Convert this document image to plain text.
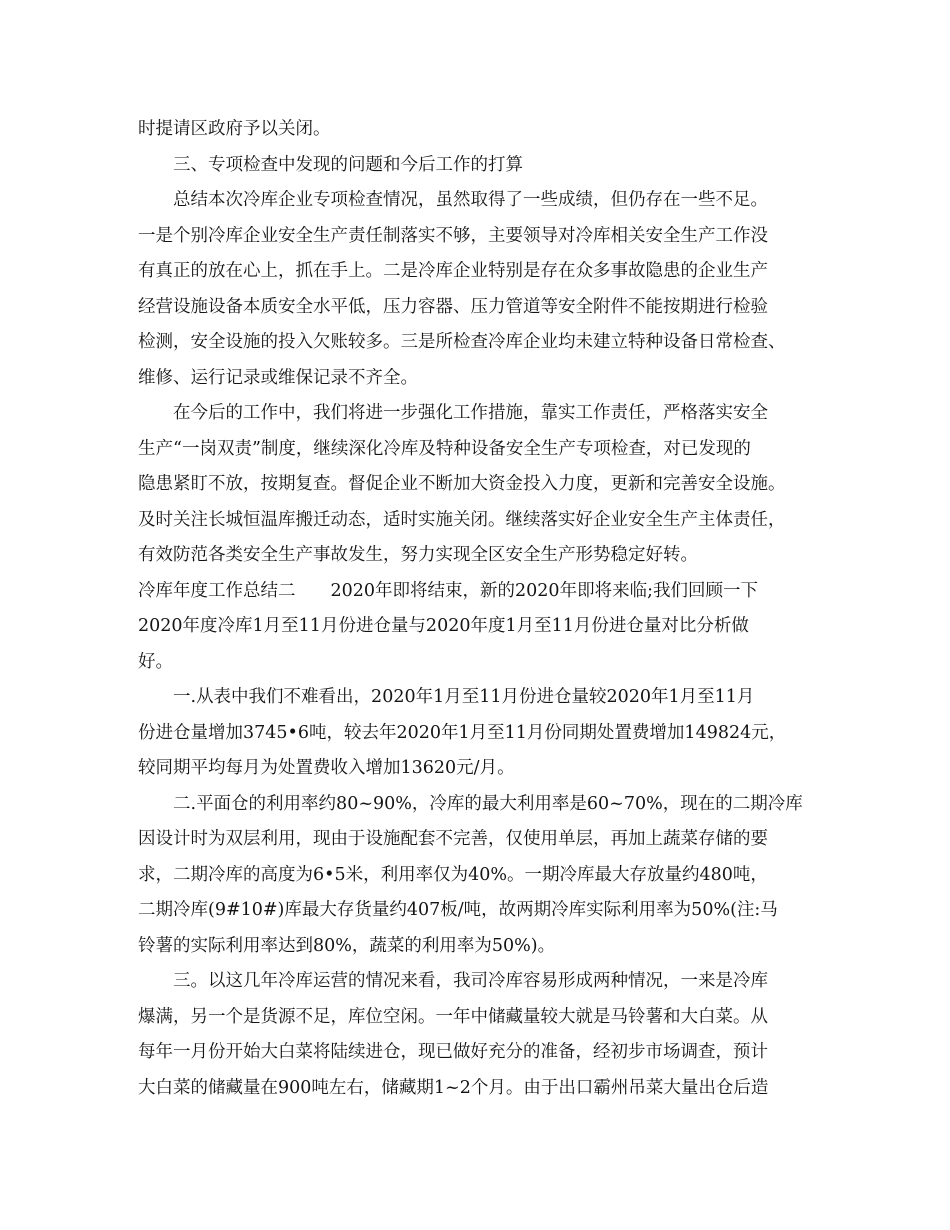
时提请区政府予以关闭。
　　三、专项检查中发现的问题和今后工作的打算
　　总结本次冷库企业专项检查情况，虽然取得了一些成绩，但仍存在一些不足。
一是个别冷库企业安全生产责任制落实不够，主要领导对冷库相关安全生产工作没
有真正的放在心上，抓在手上。二是冷库企业特别是存在众多事故隐患的企业生产
经营设施设备本质安全水平低，压力容器、压力管道等安全附件不能按期进行检验
检测，安全设施的投入欠账较多。三是所检查冷库企业均未建立特种设备日常检查、
维修、运行记录或维保记录不齐全。
　　在今后的工作中，我们将进一步强化工作措施，靠实工作责任，严格落实安全
生产“一岗双责”制度，继续深化冷库及特种设备安全生产专项检查，对已发现的
隐患紧盯不放，按期复查。督促企业不断加大资金投入力度，更新和完善安全设施。
及时关注长城恒温库搬迁动态，适时实施关闭。继续落实好企业安全生产主体责任，
有效防范各类安全生产事故发生，努力实现全区安全生产形势稳定好转。
冷库年度工作总结二　　2020年即将结束，新的2020年即将来临;我们回顾一下
2020年度冷库1月至11月份进仓量与2020年度1月至11月份进仓量对比分析做
好。
　　一.从表中我们不难看出，2020年1月至11月份进仓量较2020年1月至11月
份进仓量增加3745•6吨，较去年2020年1月至11月份同期处置费增加149824元，
较同期平均每月为处置费收入增加13620元/月。
　　二.平面仓的利用率约80~90%，冷库的最大利用率是60~70%，现在的二期冷库
因设计时为双层利用，现由于设施配套不完善，仅使用单层，再加上蔬菜存储的要
求，二期冷库的高度为6•5米，利用率仅为40%。一期冷库最大存放量约480吨，
二期冷库(9#10#)库最大存货量约407板/吨，故两期冷库实际利用率为50%(注:马
铃薯的实际利用率达到80%，蔬菜的利用率为50%)。
　　三。以这几年冷库运营的情况来看，我司冷库容易形成两种情况，一来是冷库
爆满，另一个是货源不足，库位空闲。一年中储藏量较大就是马铃薯和大白菜。从
每年一月份开始大白菜将陆续进仓，现已做好充分的准备，经初步市场调查，预计
大白菜的储藏量在900吨左右，储藏期1~2个月。由于出口霸州吊菜大量出仓后造
